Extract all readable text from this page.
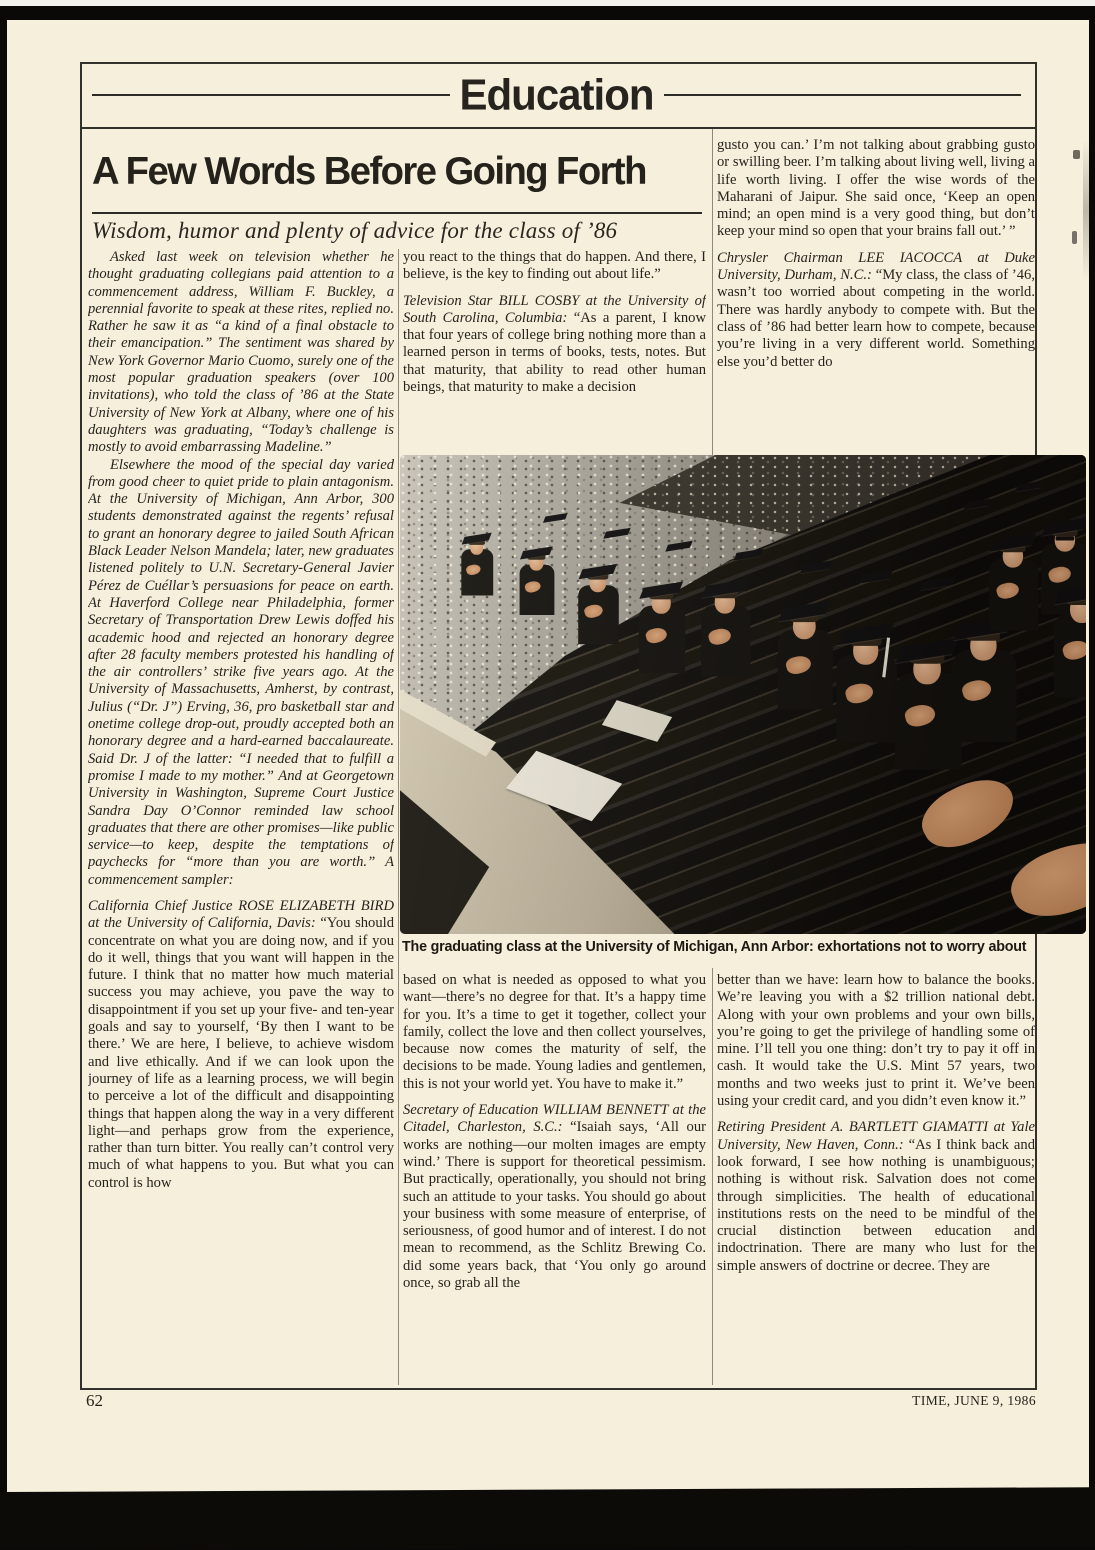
Education
A Few Words Before Going Forth
Wisdom, humor and plenty of advice for the class of ’86

Asked last week on television whether he thought graduating collegians paid attention to a commencement address, William F. Buckley, a perennial favorite to speak at these rites, replied no. Rather he saw it as “a kind of a final obstacle to their emancipation.” The sentiment was shared by New York Governor Mario Cuomo, surely one of the most popular graduation speakers (over 100 invitations), who told the class of ’86 at the State University of New York at Albany, where one of his daughters was graduating, “Today’s challenge is mostly to avoid embarrassing Madeline.”

Elsewhere the mood of the special day varied from good cheer to quiet pride to plain antagonism. At the University of Michigan, Ann Arbor, 300 students demonstrated against the regents’ refusal to grant an honorary degree to jailed South African Black Leader Nelson Mandela; later, new graduates listened politely to U.N. Secretary-General Javier Pérez de Cuéllar’s persuasions for peace on earth. At Haverford College near Philadelphia, former Secretary of Transportation Drew Lewis doffed his academic hood and rejected an honorary degree after 28 faculty members protested his handling of the air controllers’ strike five years ago. At the University of Massachusetts, Amherst, by contrast, Julius (“Dr. J”) Erving, 36, pro basketball star and onetime college drop-out, proudly accepted both an honorary degree and a hard-earned baccalaureate. Said Dr. J of the latter: “I needed that to fulfill a promise I made to my mother.” And at Georgetown University in Washington, Supreme Court Justice Sandra Day O’Connor reminded law school graduates that there are other promises—like public service—to keep, despite the temptations of paychecks for “more than you are worth.” A commencement sampler:

California Chief Justice ROSE ELIZABETH BIRD at the University of California, Davis: “You should concentrate on what you are doing now, and if you do it well, things that you want will happen in the future. I think that no matter how much material success you may achieve, you pave the way to disappointment if you set up your five- and ten-year goals and say to yourself, ‘By then I want to be there.’ We are here, I believe, to achieve wisdom and live ethically. And if we can look upon the journey of life as a learning process, we will begin to perceive a lot of the difficult and disappointing things that happen along the way in a very different light—and perhaps grow from the experience, rather than turn bitter. You really can’t control very much of what happens to you. But what you can control is how

you react to the things that do happen. And there, I believe, is the key to finding out about life.”

Television Star BILL COSBY at the University of South Carolina, Columbia: “As a parent, I know that four years of college bring nothing more than a learned person in terms of books, tests, notes. But that maturity, that ability to read other human beings, that maturity to make a decision

gusto you can.’ I’m not talking about grabbing gusto or swilling beer. I’m talking about living well, living a life worth living. I offer the wise words of the Maharani of Jaipur. She said once, ‘Keep an open mind; an open mind is a very good thing, but don’t keep your mind so open that your brains fall out.’ ”

Chrysler Chairman LEE IACOCCA at Duke University, Durham, N.C.: “My class, the class of ’46, wasn’t too worried about competing in the world. There was hardly anybody to compete with. But the class of ’86 had better learn how to compete, because you’re living in a very different world. Something else you’d better do

based on what is needed as opposed to what you want—there’s no degree for that. It’s a happy time for you. It’s a time to get it together, collect your family, collect the love and then collect yourselves, because now comes the maturity of self, the decisions to be made. Young ladies and gentlemen, this is not your world yet. You have to make it.”

Secretary of Education WILLIAM BENNETT at the Citadel, Charleston, S.C.: “Isaiah says, ‘All our works are nothing—our molten images are empty wind.’ There is support for theoretical pessimism. But practically, operationally, you should not bring such an attitude to your tasks. You should go about your business with some measure of enterprise, of seriousness, of good humor and of interest. I do not mean to recommend, as the Schlitz Brewing Co. did some years back, that ‘You only go around once, so grab all the

better than we have: learn how to balance the books. We’re leaving you with a $2 trillion national debt. Along with your own problems and your own bills, you’re going to get the privilege of handling some of mine. I’ll tell you one thing: don’t try to pay it off in cash. It would take the U.S. Mint 57 years, two months and two weeks just to print it. We’ve been using your credit card, and you didn’t even know it.”

Retiring President A. BARTLETT GIAMATTI at Yale University, New Haven, Conn.: “As I think back and look forward, I see how nothing is unambiguous; nothing is without risk. Salvation does not come through simplicities. The health of educational institutions rests on the need to be mindful of the crucial distinction between education and indoctrination. There are many who lust for the simple answers of doctrine or decree. They are

The graduating class at the University of Michigan, Ann Arbor: exhortations not to worry about
62	TIME, JUNE 9, 1986
